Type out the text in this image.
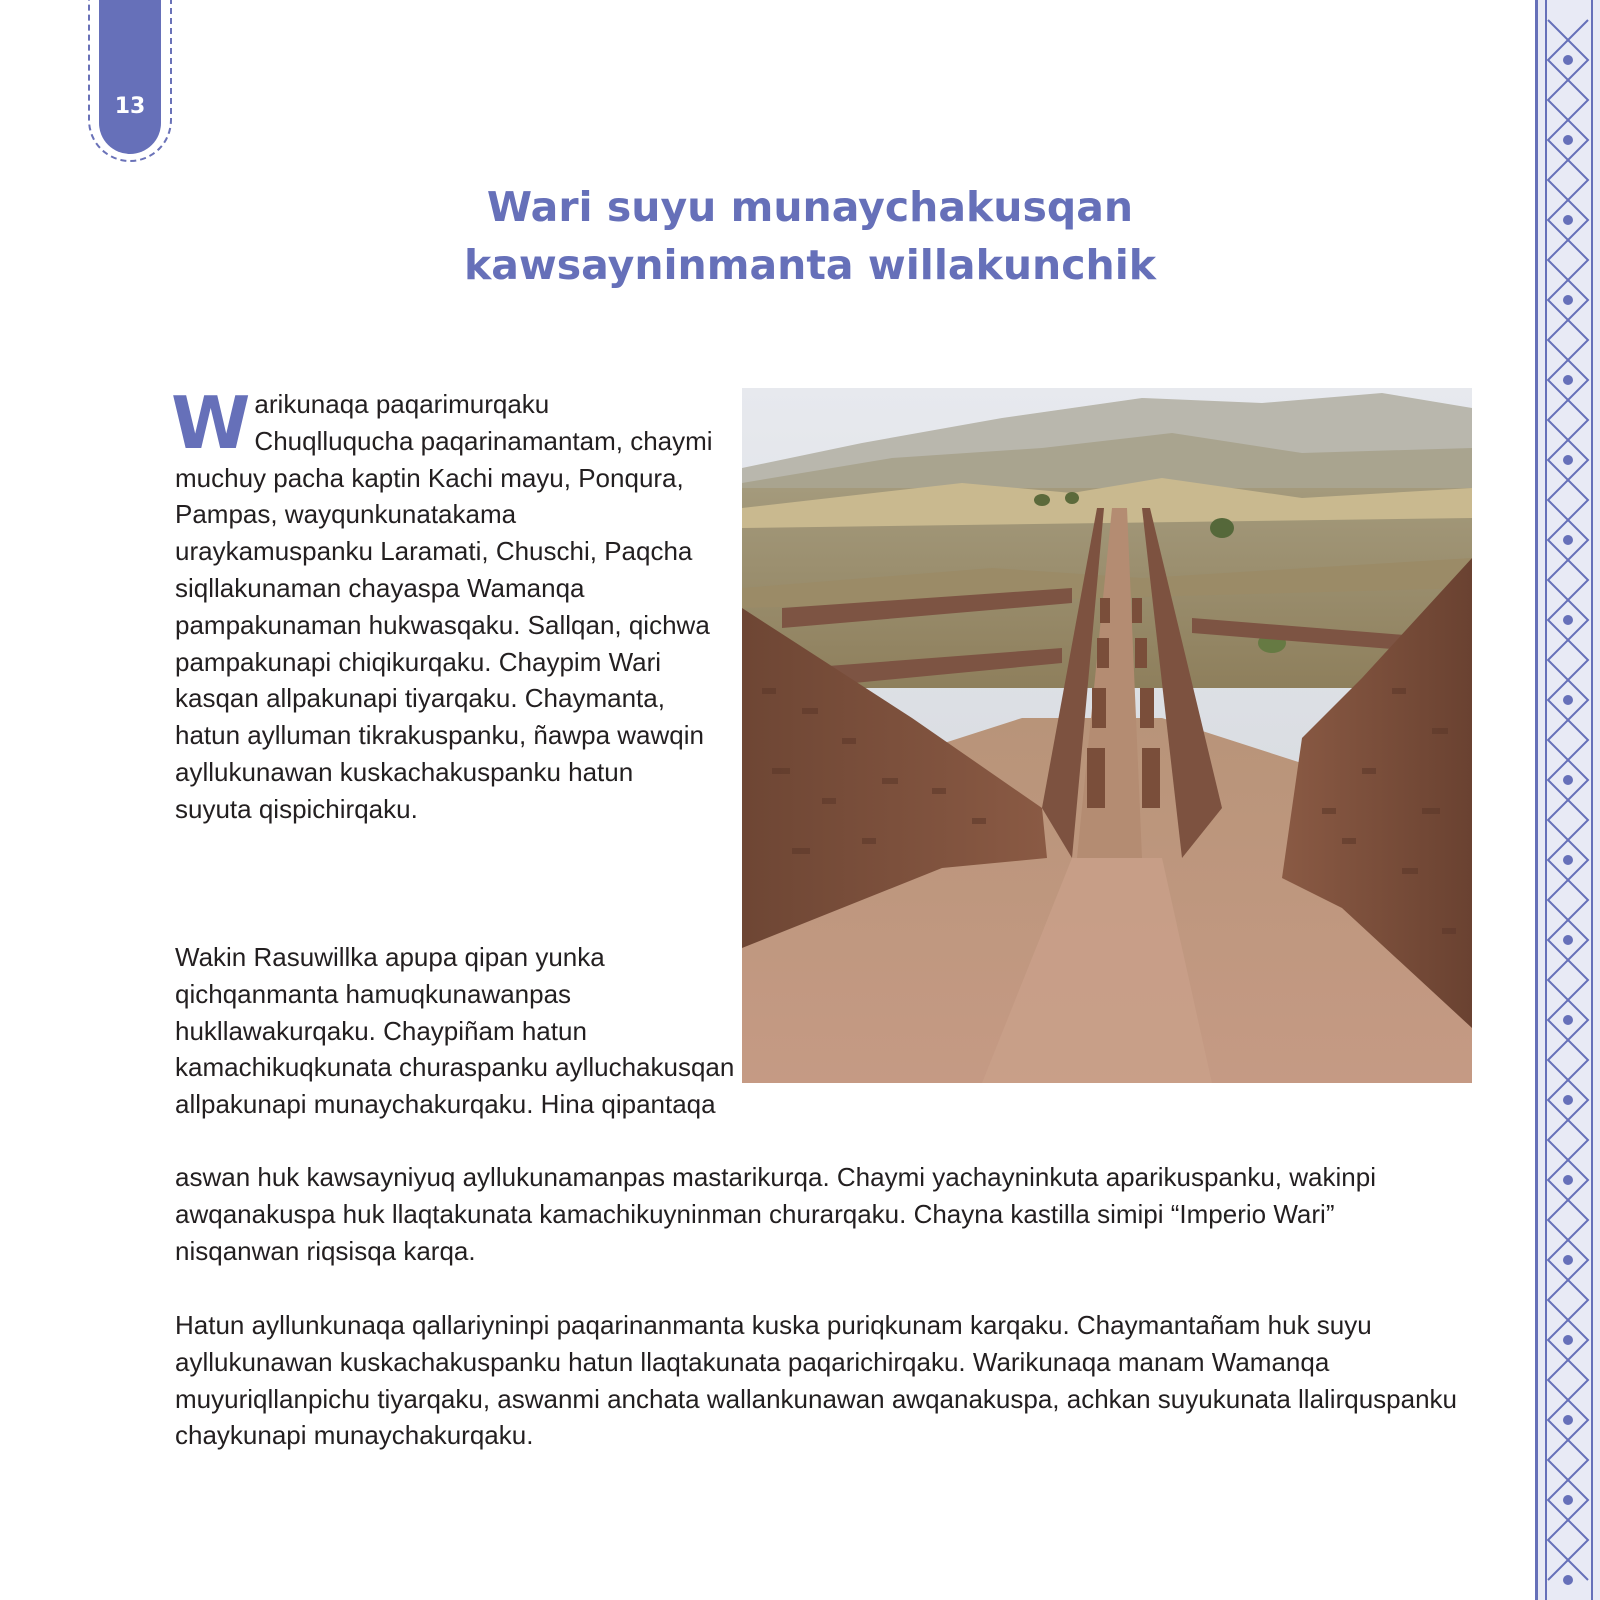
13
Wari suyu munaychakusqan
kawsayninmanta willakunchik

Warikunaqa paqarimurqaku Chuqlluqucha paqarinamantam, chaymi muchuy pacha kaptin Kachi mayu, Ponqura, Pampas, wayqunkunatakama uraykamuspanku Laramati, Chuschi, Paqcha siqllakunaman chayaspa Wamanqa pampakunaman hukwasqaku. Sallqan, qichwa pampakunapi chiqikurqaku. Chaypim Wari kasqan allpakunapi tiyarqaku. Chaymanta, hatun aylluman tikrakuspanku, ñawpa wawqin ayllukunawan kuskachakuspanku hatun suyuta qispichirqaku.

Wakin Rasuwillka apupa qipan yunka qichqanmanta hamuqkunawanpas hukllawakurqaku. Chaypiñam hatun kamachikuqkunata churaspanku aylluchakusqan allpakunapi munaychakurqaku. Hina qipantaqa

aswan huk kawsayniyuq ayllukunamanpas mastarikurqa. Chaymi yachayninkuta aparikuspanku, wakinpi awqanakuspa huk llaqtakunata kamachikuyninman churarqaku. Chayna kastilla simipi “Imperio Wari” nisqanwan riqsisqa karqa.

Hatun ayllunkunaqa qallariyninpi paqarinanmanta kuska puriqkunam karqaku. Chaymantañam huk suyu ayllukunawan kuskachakuspanku hatun llaqtakunata paqarichirqaku. Warikunaqa manam Wamanqa muyuriqllanpichu tiyarqaku, aswanmi anchata wallankunawan awqanakuspa, achkan suyukunata llalirquspanku chaykunapi munaychakurqaku.
